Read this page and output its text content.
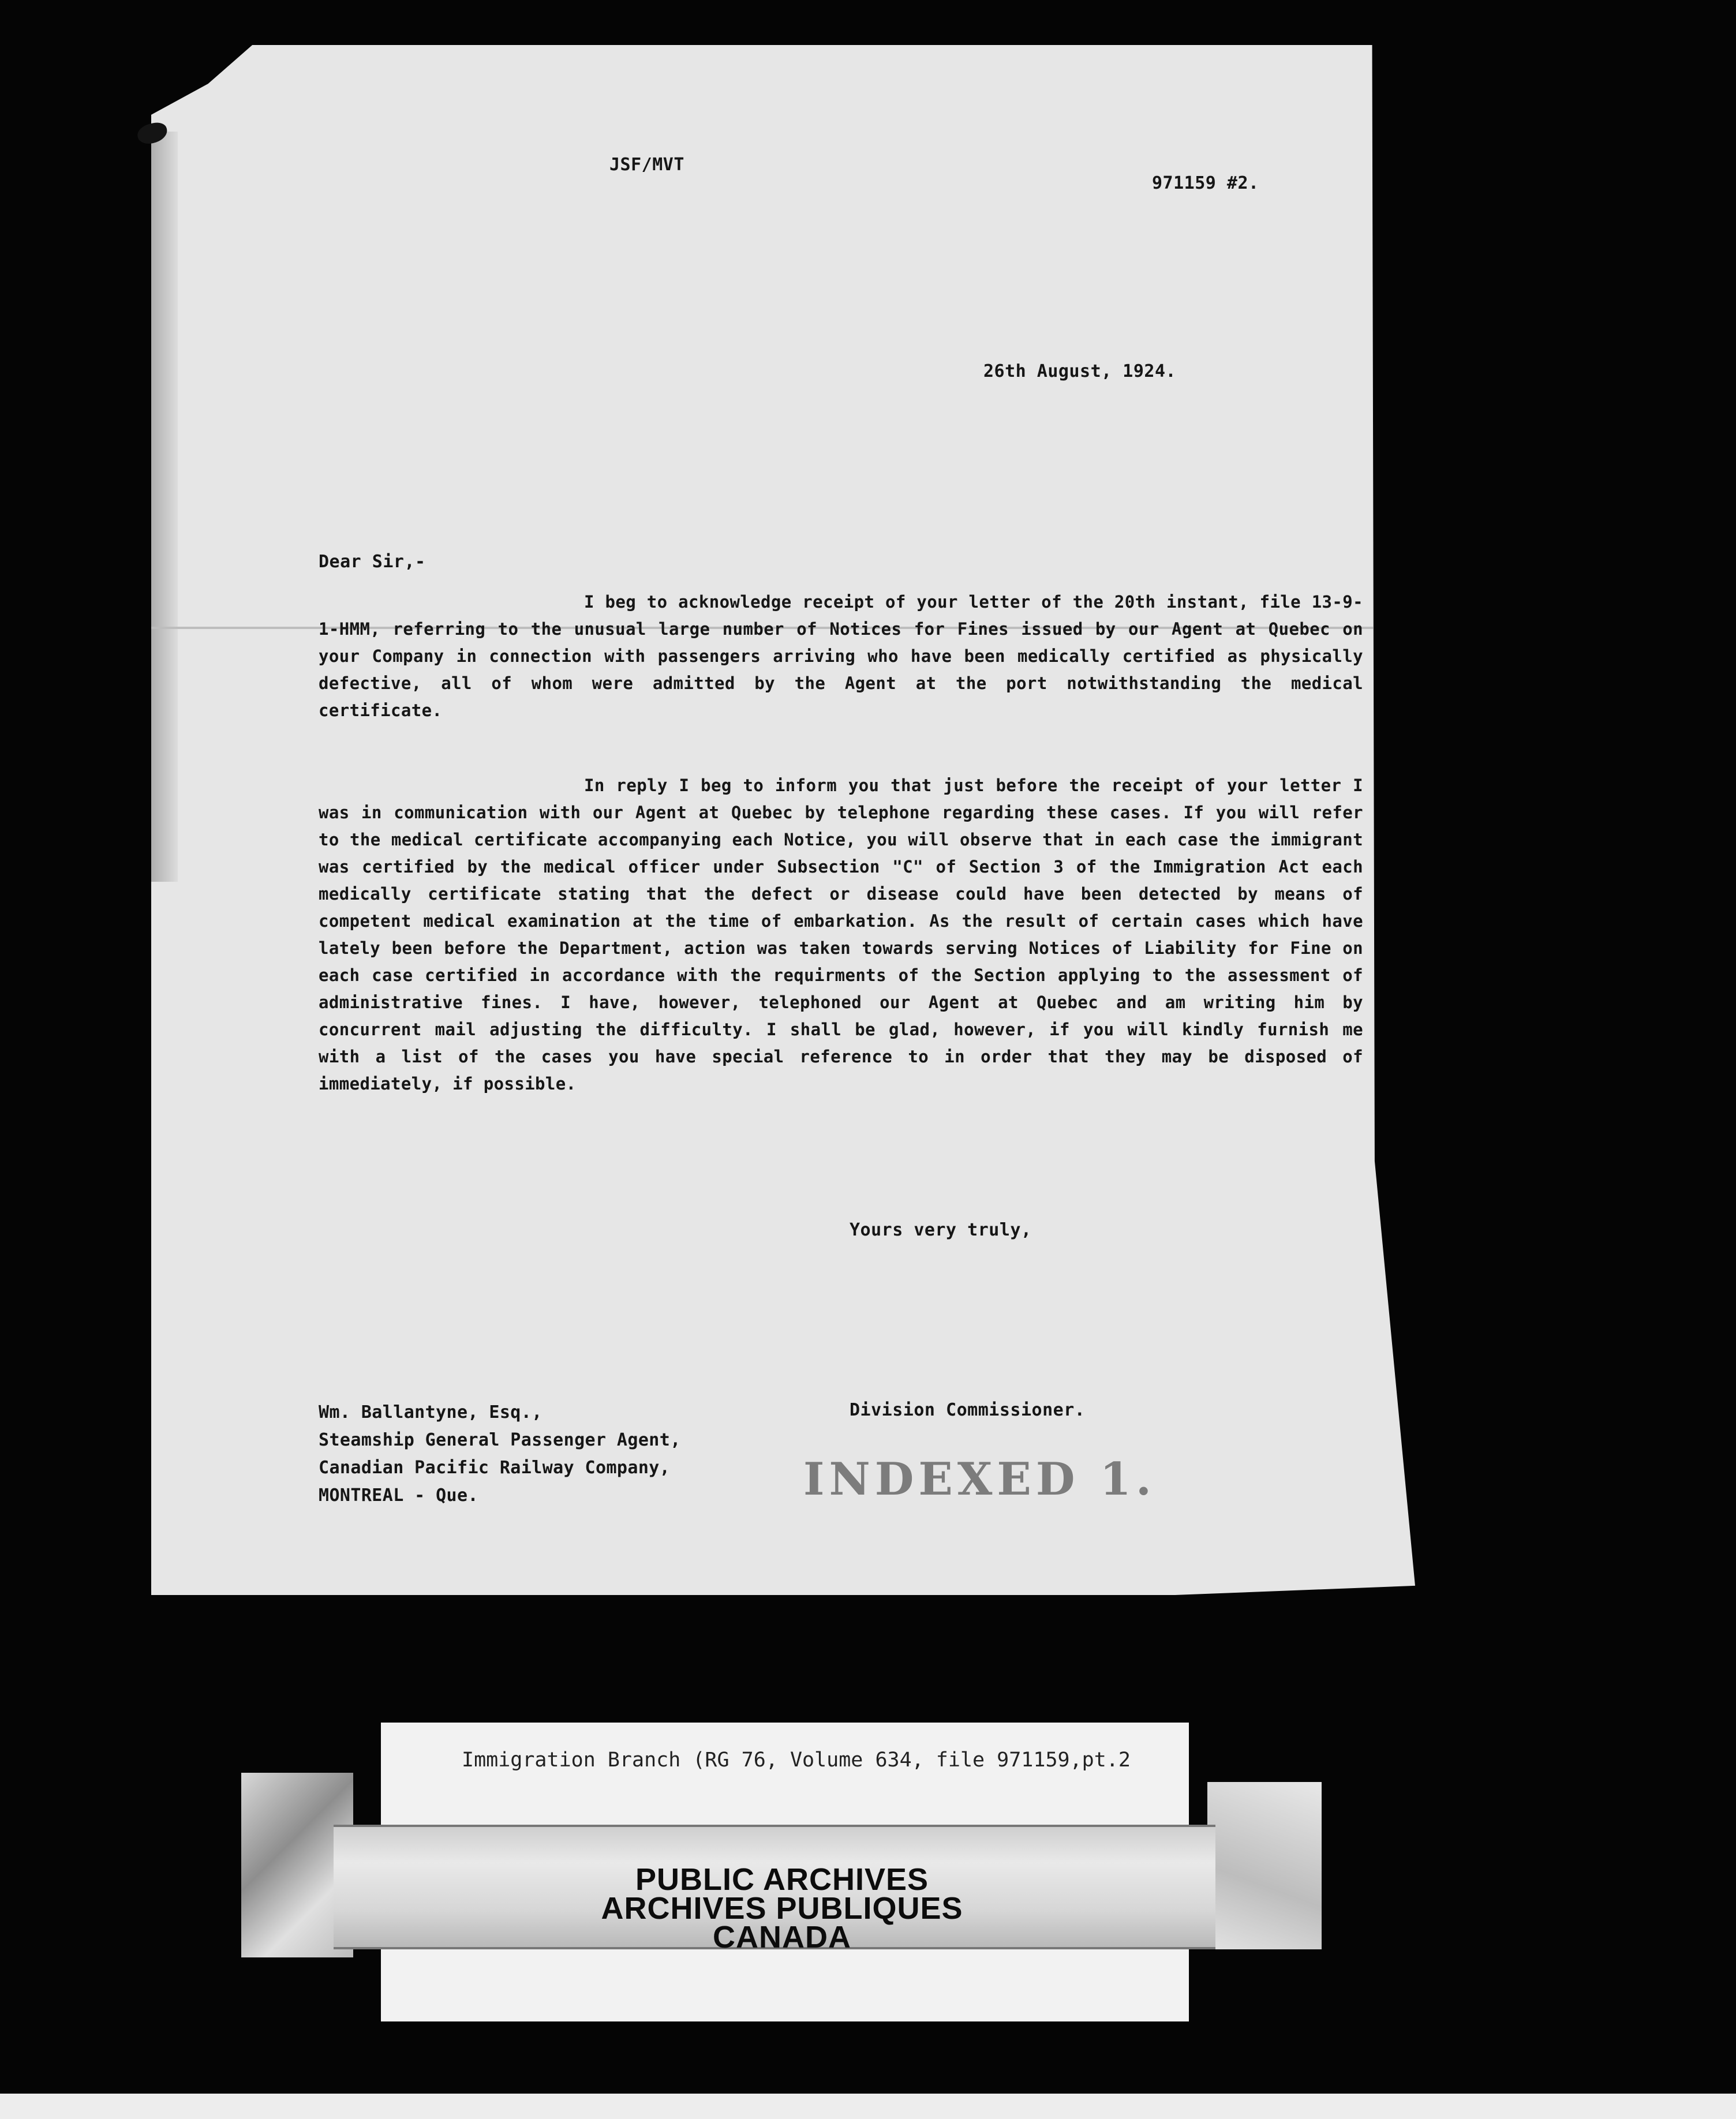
JSF/MVT

971159 #2.

26th August, 1924.

Dear Sir,-

I beg to acknowledge receipt of your letter of the 20th instant, file 13-9-1-HMM, referring to the unusual large number of Notices for Fines issued by our Agent at Quebec on your Company in connection with passengers arriving who have been medically certified as physically defective, all of whom were admitted by the Agent at the port notwithstanding the medical certificate.

In reply I beg to inform you that just before the receipt of your letter I was in communication with our Agent at Quebec by telephone regarding these cases. If you will refer to the medical certificate accompanying each Notice, you will observe that in each case the immigrant was certified by the medical officer under Subsection "C" of Section 3 of the Immigration Act each medically certificate stating that the defect or disease could have been detected by means of competent medical examination at the time of embarkation. As the result of certain cases which have lately been before the Department, action was taken towards serving Notices of Liability for Fine on each case certified in accordance with the requirments of the Section applying to the assessment of administrative fines. I have, however, telephoned our Agent at Quebec and am writing him by concurrent mail adjusting the difficulty. I shall be glad, however, if you will kindly furnish me with a list of the cases you have special reference to in order that they may be disposed of immediately, if possible.

Yours very truly,

Division Commissioner.

Wm. Ballantyne, Esq.,
Steamship General Passenger Agent,
Canadian Pacific Railway Company,
MONTREAL - Que.	INDEXED 1.
Immigration Branch (RG 76, Volume 634, file 971159,pt.2
PUBLIC ARCHIVES
ARCHIVES PUBLIQUES
CANADA
